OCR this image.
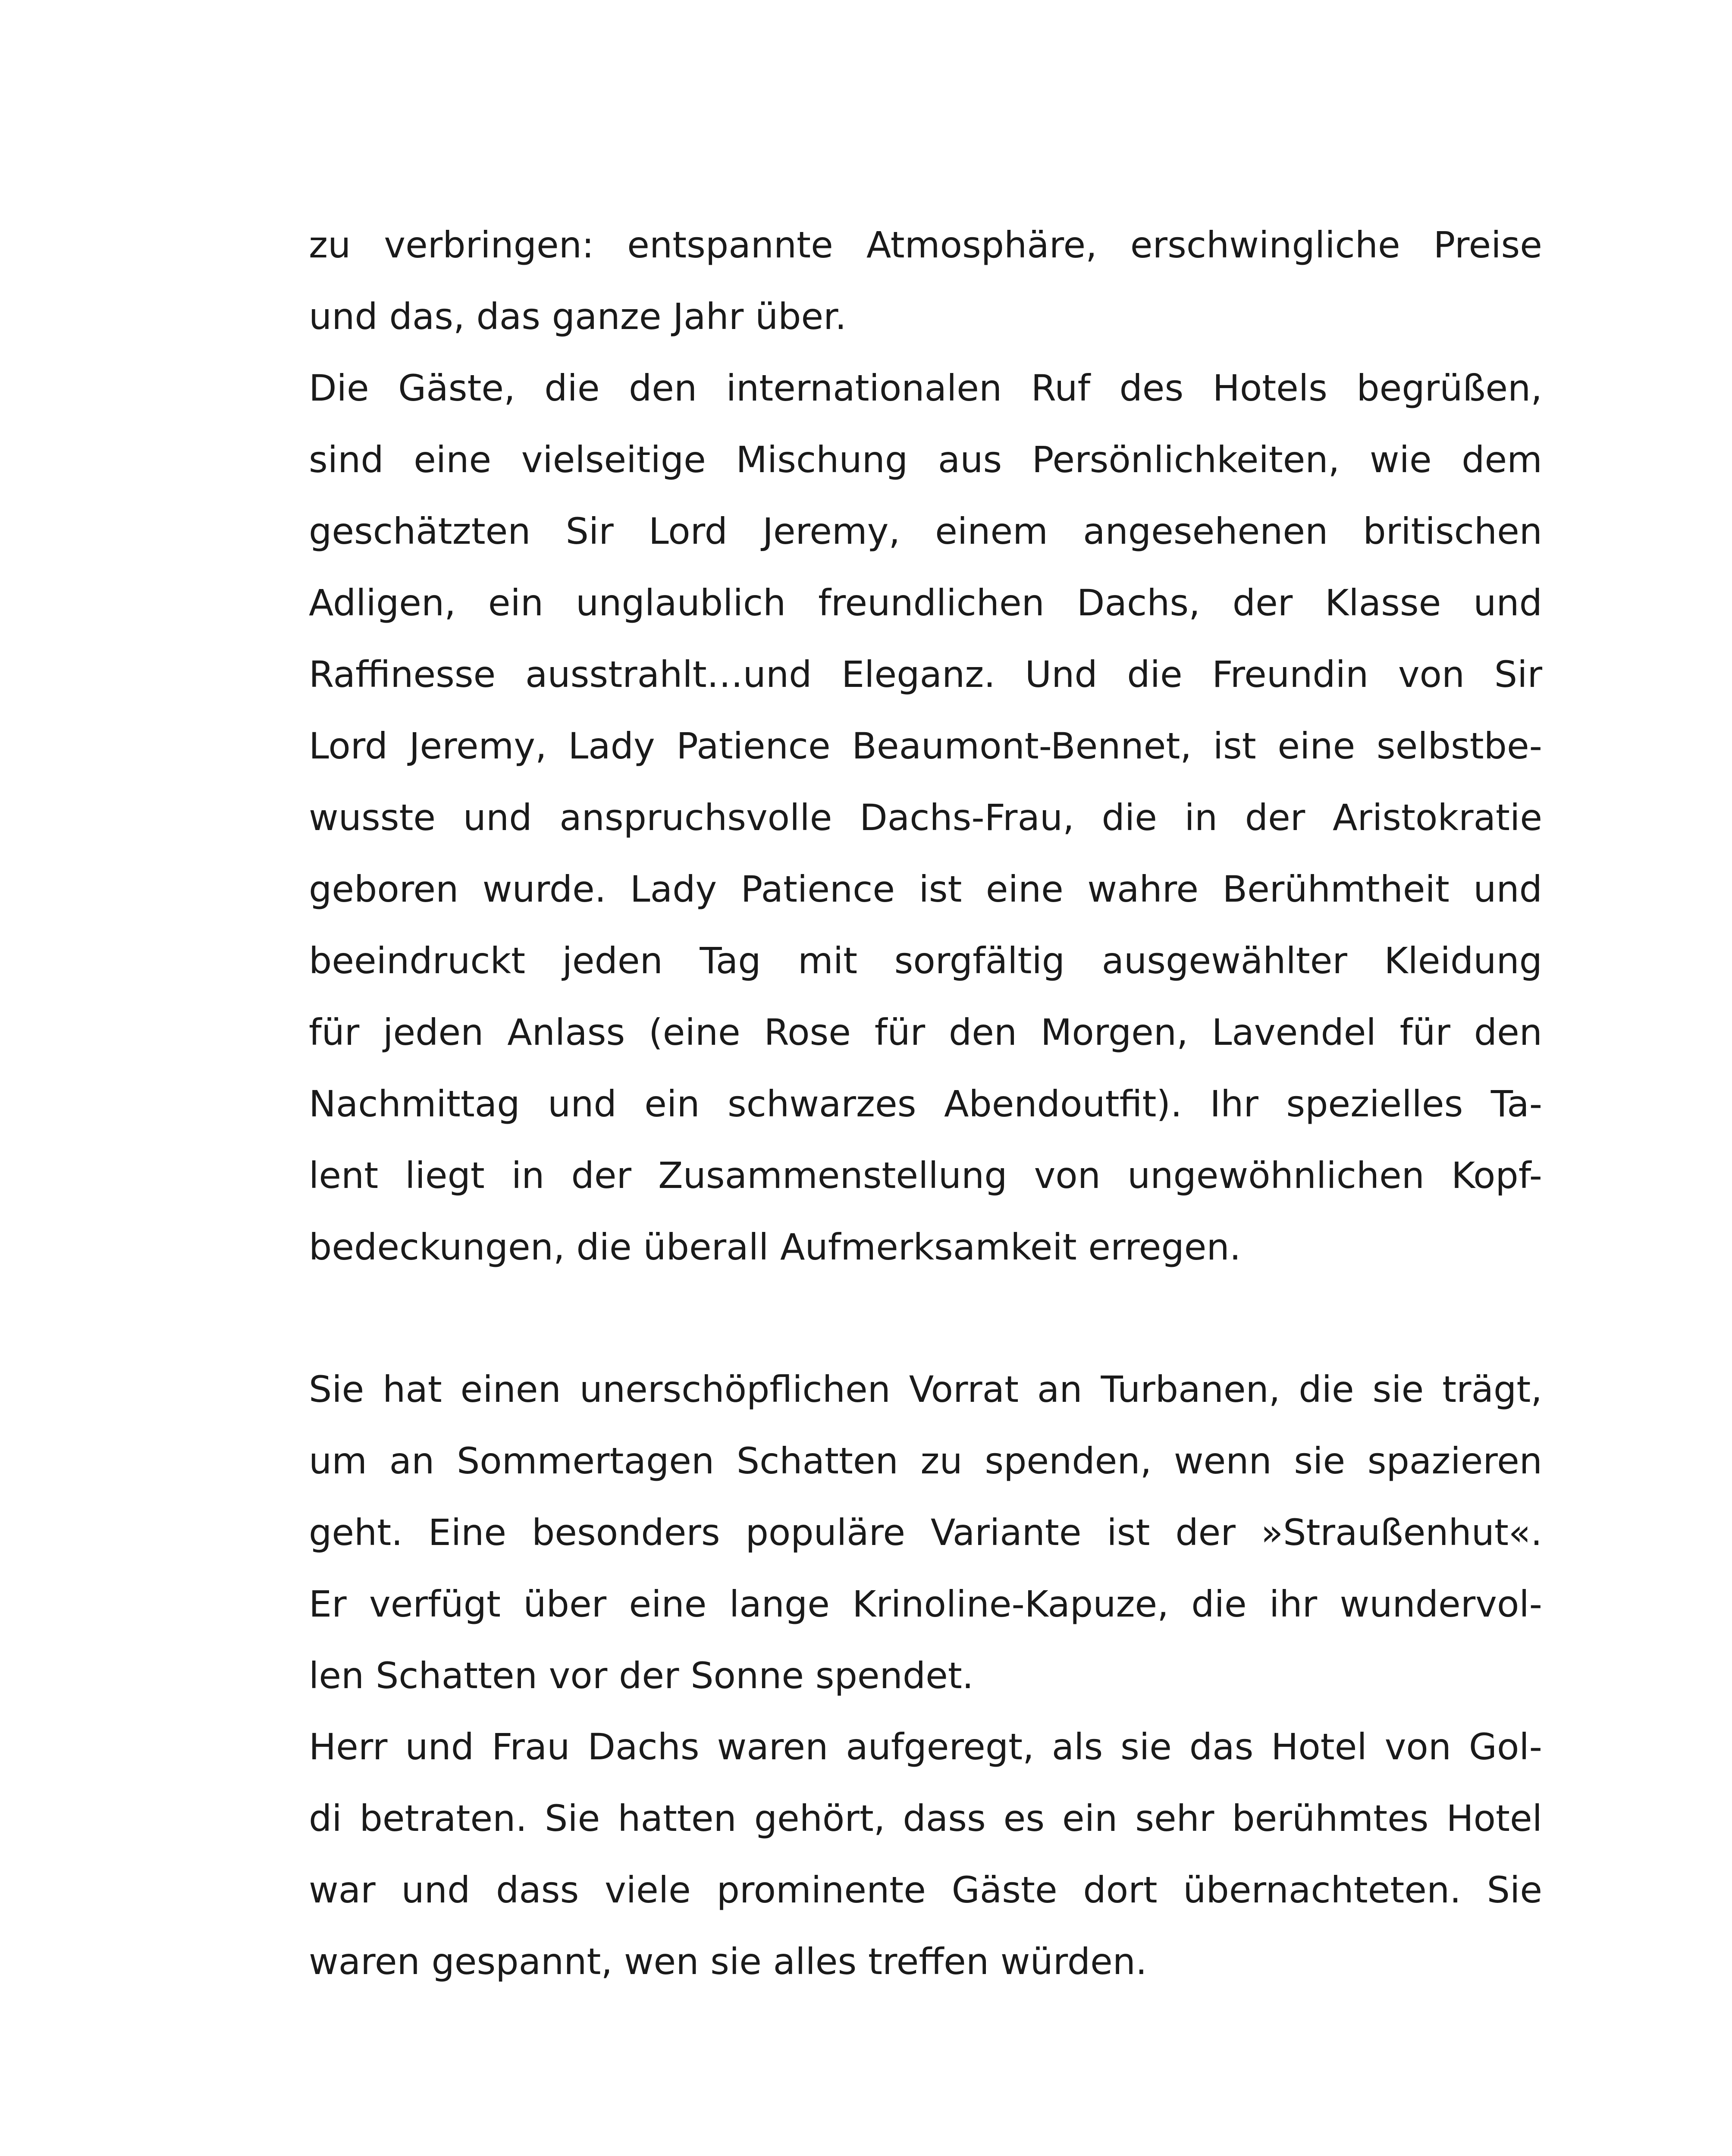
zu verbringen: entspannte Atmosphäre, erschwingliche Preise
und das, das ganze Jahr über.
Die Gäste, die den internationalen Ruf des Hotels begrüßen,
sind eine vielseitige Mischung aus Persönlichkeiten, wie dem
geschätzten Sir Lord Jeremy, einem angesehenen britischen
Adligen, ein unglaublich freundlichen Dachs, der Klasse und
Raffinesse ausstrahlt…und Eleganz. Und die Freundin von Sir
Lord Jeremy, Lady Patience Beaumont-Bennet, ist eine selbstbe-
wusste und anspruchsvolle Dachs-Frau, die in der Aristokratie
geboren wurde. Lady Patience ist eine wahre Berühmtheit und
beeindruckt jeden Tag mit sorgfältig ausgewählter Kleidung
für jeden Anlass (eine Rose für den Morgen, Lavendel für den
Nachmittag und ein schwarzes Abendoutfit). Ihr spezielles Ta-
lent liegt in der Zusammenstellung von ungewöhnlichen Kopf-
bedeckungen, die überall Aufmerksamkeit erregen.
Sie hat einen unerschöpflichen Vorrat an Turbanen, die sie trägt,
um an Sommertagen Schatten zu spenden, wenn sie spazieren
geht. Eine besonders populäre Variante ist der »Straußenhut«.
Er verfügt über eine lange Krinoline-Kapuze, die ihr wundervol-
len Schatten vor der Sonne spendet.
Herr und Frau Dachs waren aufgeregt, als sie das Hotel von Gol-
di betraten. Sie hatten gehört, dass es ein sehr berühmtes Hotel
war und dass viele prominente Gäste dort übernachteten. Sie
waren gespannt, wen sie alles treffen würden.
